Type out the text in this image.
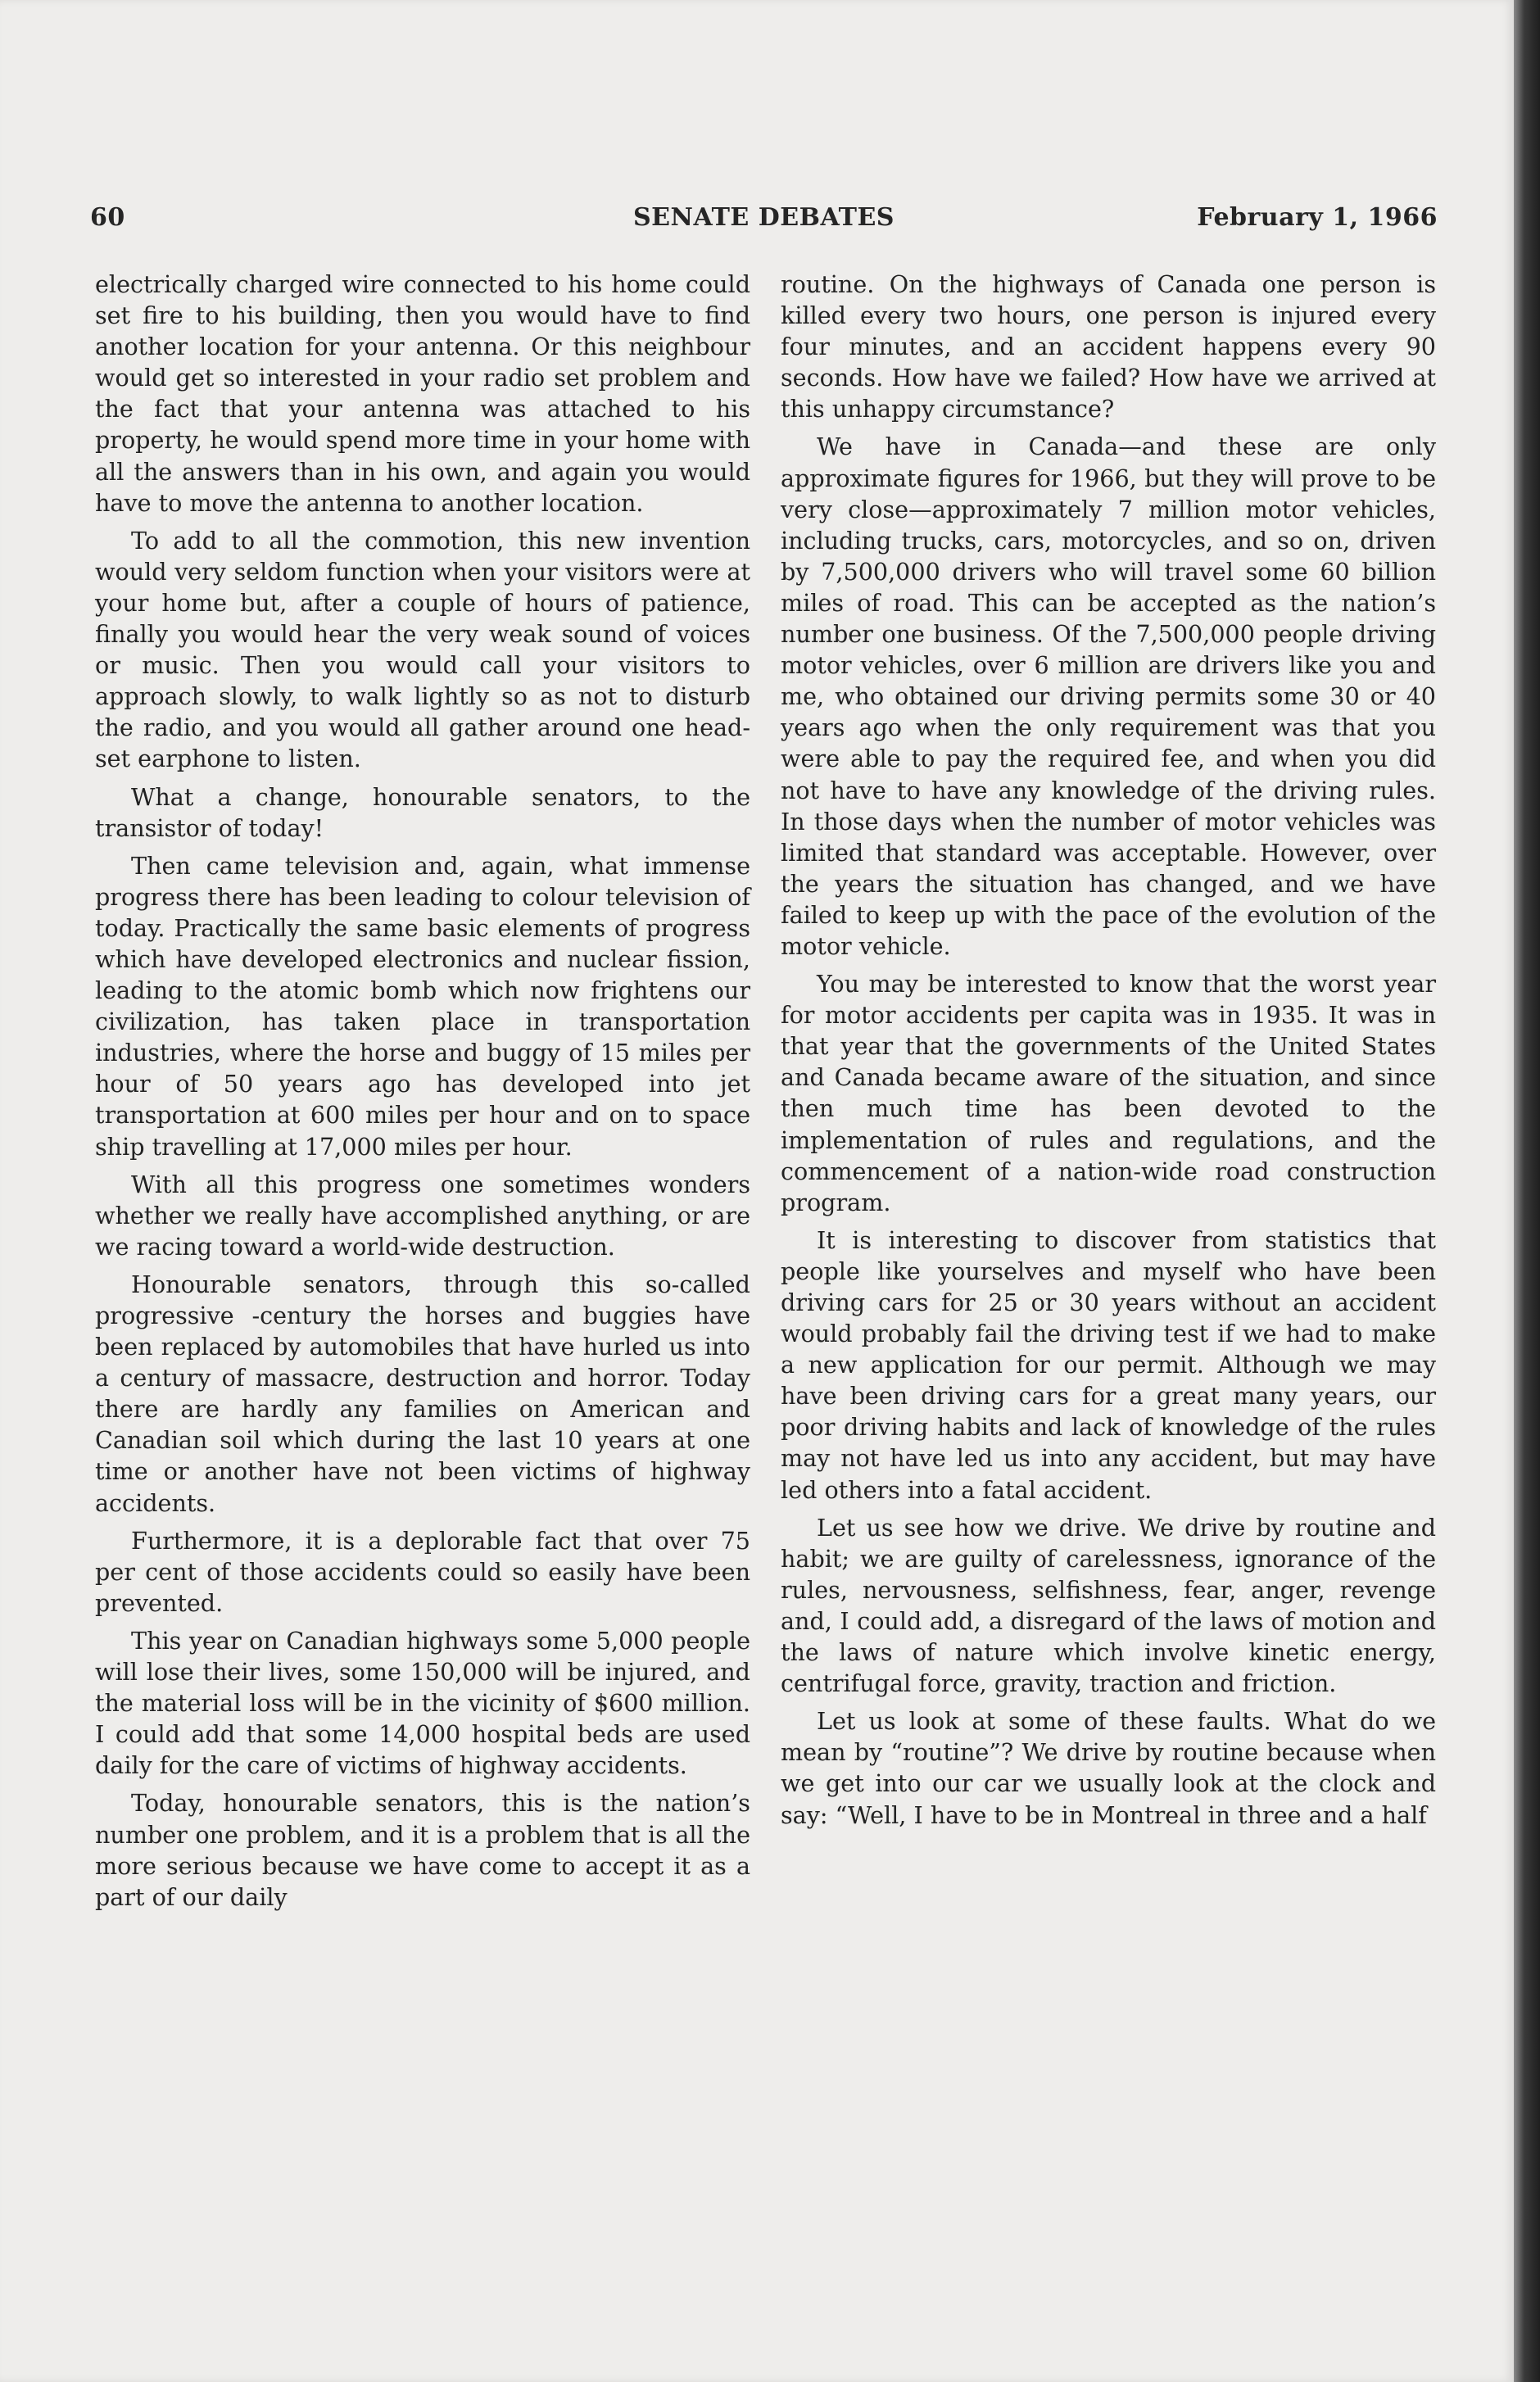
60	SENATE DEBATES	February 1, 1966

electrically charged wire connected to his home could set fire to his building, then you would have to find another location for your antenna. Or this neighbour would get so interested in your radio set problem and the fact that your antenna was attached to his property, he would spend more time in your home with all the answers than in his own, and again you would have to move the antenna to another location.

To add to all the commotion, this new invention would very seldom function when your visitors were at your home but, after a couple of hours of patience, finally you would hear the very weak sound of voices or music. Then you would call your visitors to approach slowly, to walk lightly so as not to disturb the radio, and you would all gather around one head-set earphone to listen.

What a change, honourable senators, to the transistor of today!

Then came television and, again, what immense progress there has been leading to colour television of today. Practically the same basic elements of progress which have developed electronics and nuclear fission, leading to the atomic bomb which now frightens our civilization, has taken place in transportation industries, where the horse and buggy of 15 miles per hour of 50 years ago has developed into jet transportation at 600 miles per hour and on to space ship travelling at 17,000 miles per hour.

With all this progress one sometimes wonders whether we really have accomplished anything, or are we racing toward a world-wide destruction.

Honourable senators, through this so-called progressive -century the horses and buggies have been replaced by automobiles that have hurled us into a century of massacre, destruction and horror. Today there are hardly any families on American and Canadian soil which during the last 10 years at one time or another have not been victims of highway accidents.

Furthermore, it is a deplorable fact that over 75 per cent of those accidents could so easily have been prevented.

This year on Canadian highways some 5,000 people will lose their lives, some 150,000 will be injured, and the material loss will be in the vicinity of $600 million. I could add that some 14,000 hospital beds are used daily for the care of victims of highway accidents.

Today, honourable senators, this is the nation’s number one problem, and it is a problem that is all the more serious because we have come to accept it as a part of our daily

routine. On the highways of Canada one person is killed every two hours, one person is injured every four minutes, and an accident happens every 90 seconds. How have we failed? How have we arrived at this unhappy circumstance?

We have in Canada—and these are only approximate figures for 1966, but they will prove to be very close—approximately 7 million motor vehicles, including trucks, cars, motorcycles, and so on, driven by 7,500,000 drivers who will travel some 60 billion miles of road. This can be accepted as the nation’s number one business. Of the 7,500,000 people driving motor vehicles, over 6 million are drivers like you and me, who obtained our driving permits some 30 or 40 years ago when the only requirement was that you were able to pay the required fee, and when you did not have to have any knowledge of the driving rules. In those days when the number of motor vehicles was limited that standard was acceptable. However, over the years the situation has changed, and we have failed to keep up with the pace of the evolution of the motor vehicle.

You may be interested to know that the worst year for motor accidents per capita was in 1935. It was in that year that the governments of the United States and Canada became aware of the situation, and since then much time has been devoted to the implementation of rules and regulations, and the commencement of a nation-wide road construction program.

It is interesting to discover from statistics that people like yourselves and myself who have been driving cars for 25 or 30 years without an accident would probably fail the driving test if we had to make a new application for our permit. Although we may have been driving cars for a great many years, our poor driving habits and lack of knowledge of the rules may not have led us into any accident, but may have led others into a fatal accident.

Let us see how we drive. We drive by routine and habit; we are guilty of carelessness, ignorance of the rules, nervousness, selfishness, fear, anger, revenge and, I could add, a disregard of the laws of motion and the laws of nature which involve kinetic energy, centrifugal force, gravity, traction and friction.

Let us look at some of these faults. What do we mean by “routine”? We drive by routine because when we get into our car we usually look at the clock and say: “Well, I have to be in Montreal in three and a half
